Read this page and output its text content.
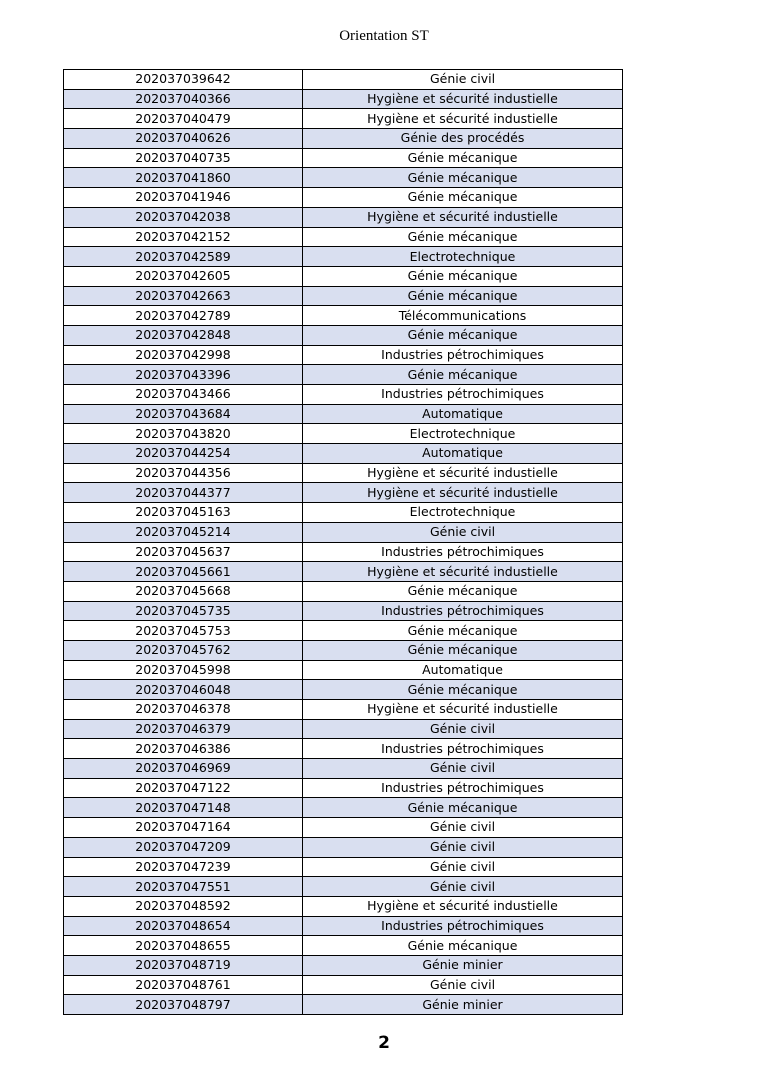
Orientation ST
202037039642	Génie civil
202037040366	Hygiène et sécurité industielle
202037040479	Hygiène et sécurité industielle
202037040626	Génie des procédés
202037040735	Génie mécanique
202037041860	Génie mécanique
202037041946	Génie mécanique
202037042038	Hygiène et sécurité industielle
202037042152	Génie mécanique
202037042589	Electrotechnique
202037042605	Génie mécanique
202037042663	Génie mécanique
202037042789	Télécommunications
202037042848	Génie mécanique
202037042998	Industries pétrochimiques
202037043396	Génie mécanique
202037043466	Industries pétrochimiques
202037043684	Automatique
202037043820	Electrotechnique
202037044254	Automatique
202037044356	Hygiène et sécurité industielle
202037044377	Hygiène et sécurité industielle
202037045163	Electrotechnique
202037045214	Génie civil
202037045637	Industries pétrochimiques
202037045661	Hygiène et sécurité industielle
202037045668	Génie mécanique
202037045735	Industries pétrochimiques
202037045753	Génie mécanique
202037045762	Génie mécanique
202037045998	Automatique
202037046048	Génie mécanique
202037046378	Hygiène et sécurité industielle
202037046379	Génie civil
202037046386	Industries pétrochimiques
202037046969	Génie civil
202037047122	Industries pétrochimiques
202037047148	Génie mécanique
202037047164	Génie civil
202037047209	Génie civil
202037047239	Génie civil
202037047551	Génie civil
202037048592	Hygiène et sécurité industielle
202037048654	Industries pétrochimiques
202037048655	Génie mécanique
202037048719	Génie minier
202037048761	Génie civil
202037048797	Génie minier
2
